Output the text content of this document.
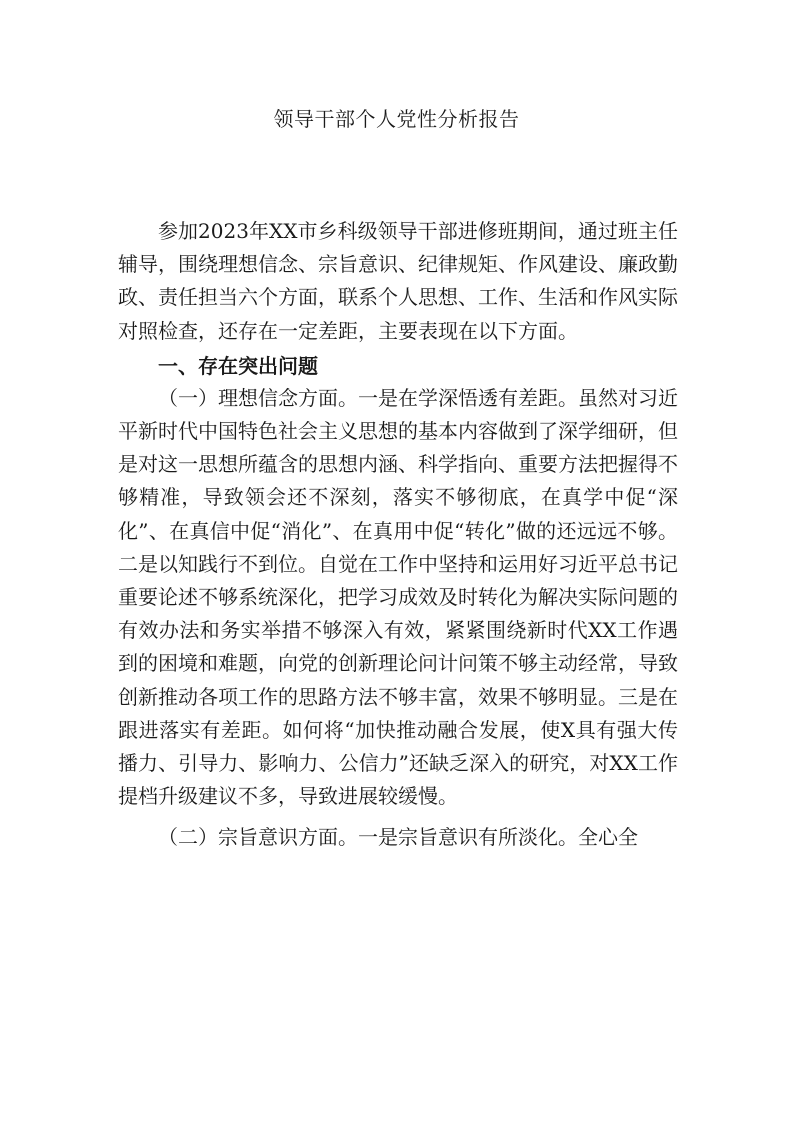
领导干部个人党性分析报告

参加2023年XX市乡科级领导干部进修班期间，通过班主任辅导，围绕理想信念、宗旨意识、纪律规矩、作风建设、廉政勤政、责任担当六个方面，联系个人思想、工作、生活和作风实际对照检查，还存在一定差距，主要表现在以下方面。

一、存在突出问题

（一）理想信念方面。一是在学深悟透有差距。虽然对习近平新时代中国特色社会主义思想的基本内容做到了深学细研，但是对这一思想所蕴含的思想内涵、科学指向、重要方法把握得不够精准，导致领会还不深刻，落实不够彻底，在真学中促“深化”、在真信中促“消化”、在真用中促“转化”做的还远远不够。二是以知践行不到位。自觉在工作中坚持和运用好习近平总书记重要论述不够系统深化，把学习成效及时转化为解决实际问题的有效办法和务实举措不够深入有效，紧紧围绕新时代XX工作遇到的困境和难题，向党的创新理论问计问策不够主动经常，导致创新推动各项工作的思路方法不够丰富，效果不够明显。三是在跟进落实有差距。如何将“加快推动融合发展，使X具有强大传播力、引导力、影响力、公信力”还缺乏深入的研究，对XX工作提档升级建议不多，导致进展较缓慢。

（二）宗旨意识方面。一是宗旨意识有所淡化。全心全
